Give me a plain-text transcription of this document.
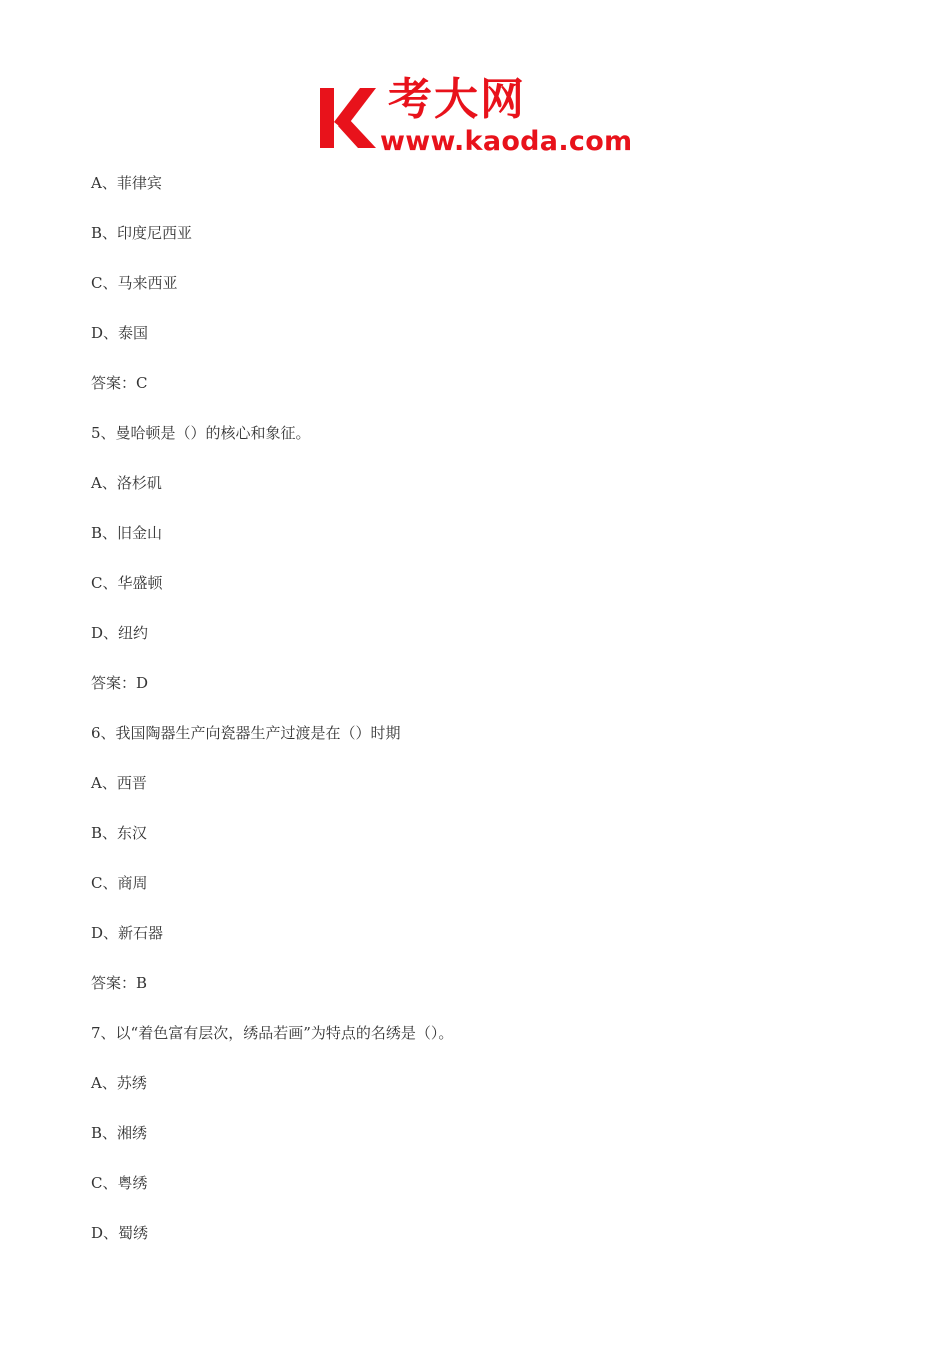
考大网
www.kaoda.com
A、菲律宾
B、印度尼西亚
C、马来西亚
D、泰国
答案：C
5、曼哈顿是（）的核心和象征。
A、洛杉矶
B、旧金山
C、华盛顿
D、纽约
答案：D
6、我国陶器生产向瓷器生产过渡是在（）时期
A、西晋
B、东汉
C、商周
D、新石器
答案：B
7、以“着色富有层次，绣品若画”为特点的名绣是（）。
A、苏绣
B、湘绣
C、粤绣
D、蜀绣
